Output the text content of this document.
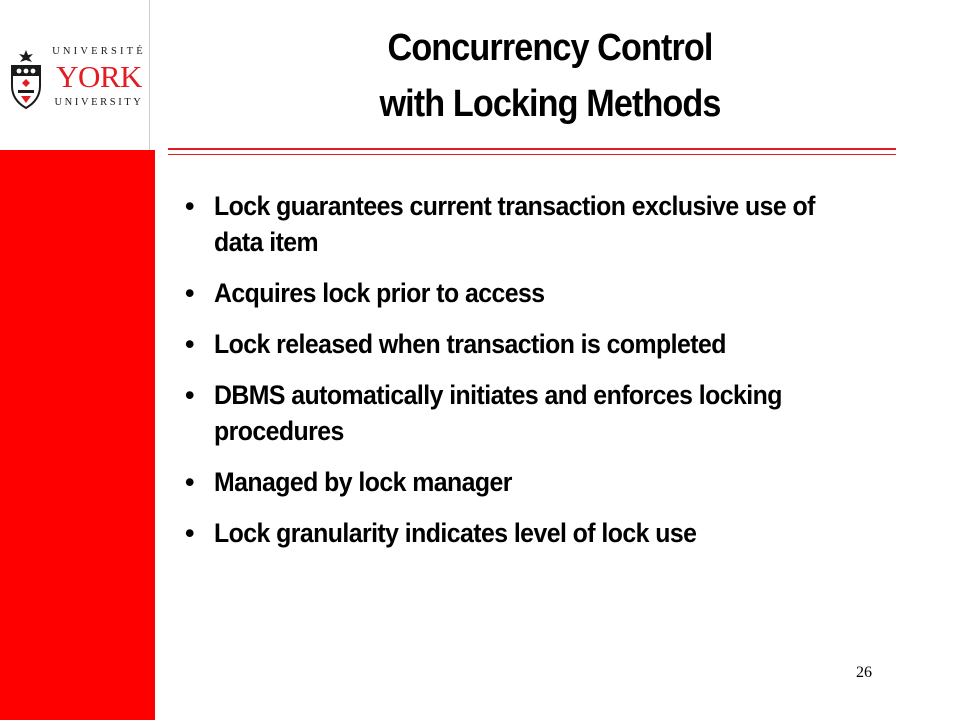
UNIVERSITÉ
YORK
UNIVERSITY
Concurrency Control
with Locking Methods
• Lock guarantees current transaction exclusive use of data item
• Acquires lock prior to access
• Lock released when transaction is completed
• DBMS automatically initiates and enforces locking procedures
• Managed by lock manager
• Lock granularity indicates level of lock use
26
